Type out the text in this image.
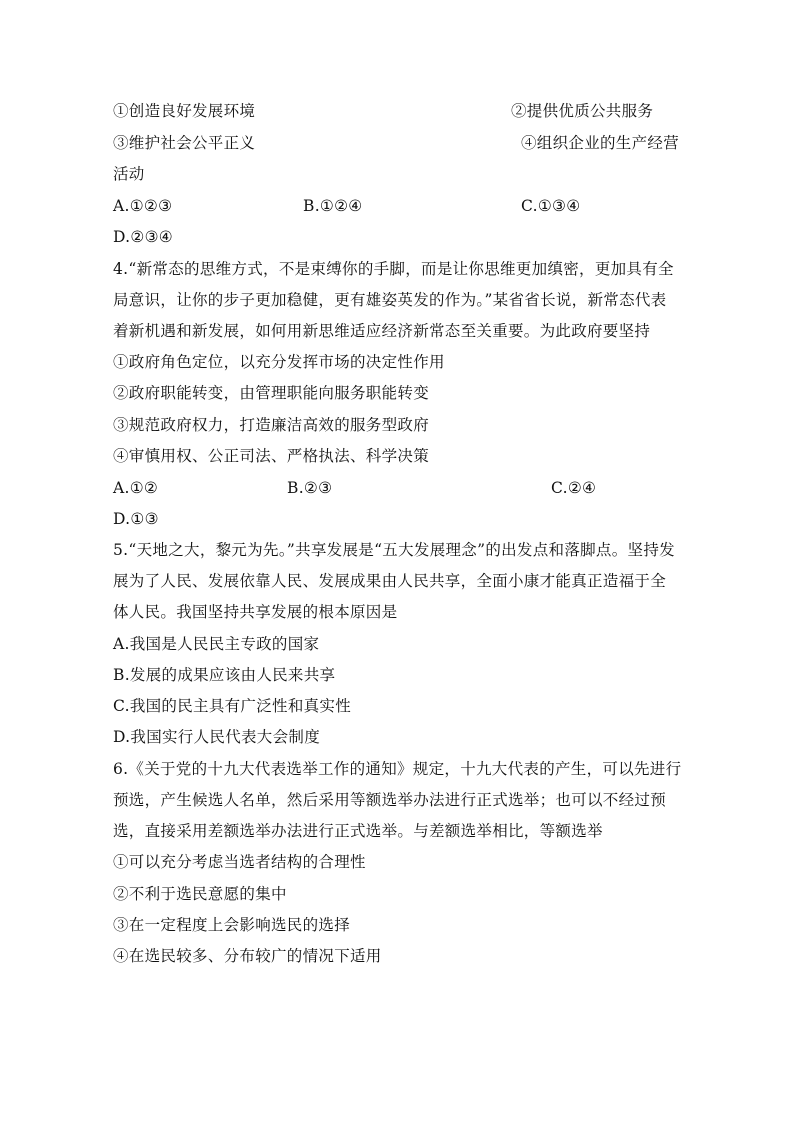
①创造良好发展环境	②提供优质公共服务
③维护社会公平正义	④组织企业的生产经营
活动
A.①②③	B.①②④	C.①③④
D.②③④
4.“新常态的思维方式，不是束缚你的手脚，而是让你思维更加缜密，更加具有全
局意识，让你的步子更加稳健，更有雄姿英发的作为。”某省省长说，新常态代表
着新机遇和新发展，如何用新思维适应经济新常态至关重要。为此政府要坚持
①政府角色定位，以充分发挥市场的决定性作用
②政府职能转变，由管理职能向服务职能转变
③规范政府权力，打造廉洁高效的服务型政府
④审慎用权、公正司法、严格执法、科学决策
A.①②	B.②③	C.②④
D.①③
5.“天地之大，黎元为先。”共享发展是“五大发展理念”的出发点和落脚点。坚持发
展为了人民、发展依靠人民、发展成果由人民共享，全面小康才能真正造福于全
体人民。我国坚持共享发展的根本原因是
A.我国是人民民主专政的国家
B.发展的成果应该由人民来共享
C.我国的民主具有广泛性和真实性
D.我国实行人民代表大会制度
6.《关于党的十九大代表选举工作的通知》规定，十九大代表的产生，可以先进行
预选，产生候选人名单，然后采用等额选举办法进行正式选举；也可以不经过预
选，直接采用差额选举办法进行正式选举。与差额选举相比，等额选举
①可以充分考虑当选者结构的合理性
②不利于选民意愿的集中
③在一定程度上会影响选民的选择
④在选民较多、分布较广的情况下适用
